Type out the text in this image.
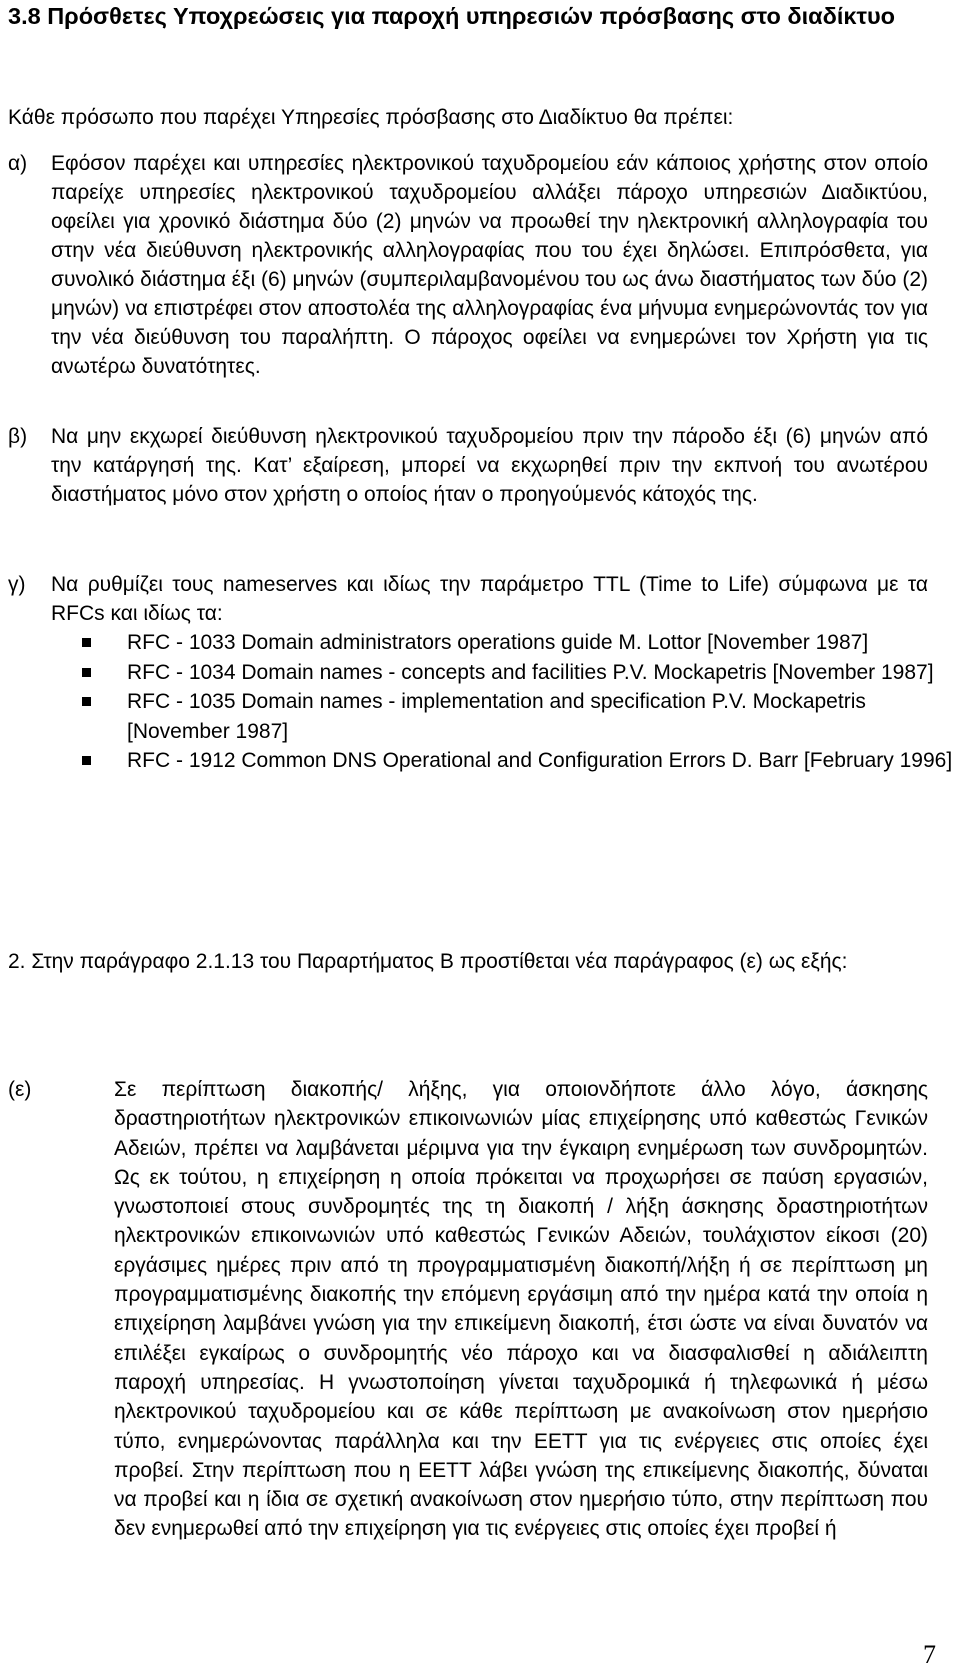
3.8 Πρόσθετες Υποχρεώσεις για παροχή υπηρεσιών πρόσβασης στο διαδίκτυο
Κάθε πρόσωπο που παρέχει Υπηρεσίες πρόσβασης στο Διαδίκτυο θα πρέπει:
α)	Εφόσον παρέχει και υπηρεσίες ηλεκτρονικού ταχυδρομείου εάν κάποιος χρήστης στον οποίο παρείχε υπηρεσίες ηλεκτρονικού ταχυδρομείου αλλάξει πάροχο υπηρεσιών Διαδικτύου, οφείλει για χρονικό διάστημα δύο (2) μηνών να προωθεί την ηλεκτρονική αλληλογραφία του στην νέα διεύθυνση ηλεκτρονικής αλληλογραφίας που του έχει δηλώσει. Επιπρόσθετα, για συνολικό διάστημα έξι (6) μηνών (συμπεριλαμβανομένου του ως άνω διαστήματος των δύο (2) μηνών) να επιστρέφει στον αποστολέα της αλληλογραφίας ένα μήνυμα ενημερώνοντάς τον για την νέα διεύθυνση του παραλήπτη. Ο πάροχος οφείλει να ενημερώνει τον Χρήστη για τις ανωτέρω δυνατότητες.
β)	Να μην εκχωρεί διεύθυνση ηλεκτρονικού ταχυδρομείου πριν την πάροδο έξι (6) μηνών από την κατάργησή της. Κατ’ εξαίρεση, μπορεί να εκχωρηθεί πριν την εκπνοή του ανωτέρου διαστήματος μόνο στον χρήστη ο οποίος ήταν ο προηγούμενός κάτοχός της.
γ)	Να ρυθμίζει τους nameserves και ιδίως την παράμετρο TTL (Time to Life) σύμφωνα με τα RFCs και ιδίως τα:
RFC - 1033 Domain administrators operations guide M. Lottor [November 1987]
RFC - 1034 Domain names - concepts and facilities P.V. Mockapetris [November 1987]
RFC - 1035 Domain names - implementation and specification P.V. Mockapetris [November 1987]
RFC - 1912 Common DNS Operational and Configuration Errors D. Barr [February 1996]
2. Στην παράγραφο 2.1.13 του Παραρτήματος Β προστίθεται νέα παράγραφος (ε) ως εξής:
(ε)	Σε περίπτωση διακοπής/ λήξης, για οποιονδήποτε άλλο λόγο, άσκησης δραστηριοτήτων ηλεκτρονικών επικοινωνιών μίας επιχείρησης υπό καθεστώς Γενικών Αδειών, πρέπει να λαμβάνεται μέριμνα για την έγκαιρη ενημέρωση των συνδρομητών. Ως εκ τούτου, η επιχείρηση η οποία πρόκειται να προχωρήσει σε παύση εργασιών, γνωστοποιεί στους συνδρομητές της τη διακοπή / λήξη άσκησης δραστηριοτήτων ηλεκτρονικών επικοινωνιών υπό καθεστώς Γενικών Αδειών, τουλάχιστον είκοσι (20) εργάσιμες ημέρες πριν από τη προγραμματισμένη διακοπή/λήξη ή σε περίπτωση μη προγραμματισμένης διακοπής την επόμενη εργάσιμη από την ημέρα κατά την οποία η επιχείρηση λαμβάνει γνώση για την επικείμενη διακοπή, έτσι ώστε να είναι δυνατόν να επιλέξει εγκαίρως ο συνδρομητής νέο πάροχο και να διασφαλισθεί η αδιάλειπτη παροχή υπηρεσίας. Η γνωστοποίηση γίνεται ταχυδρομικά ή τηλεφωνικά ή μέσω ηλεκτρονικού ταχυδρομείου και σε κάθε περίπτωση με ανακοίνωση στον ημερήσιο τύπο, ενημερώνοντας παράλληλα και την ΕΕΤΤ για τις ενέργειες στις οποίες έχει προβεί. Στην περίπτωση που η ΕΕΤΤ λάβει γνώση της επικείμενης διακοπής, δύναται να προβεί και η ίδια σε σχετική ανακοίνωση στον ημερήσιο τύπο, στην περίπτωση που δεν ενημερωθεί από την επιχείρηση για τις ενέργειες στις οποίες έχει προβεί ή
7
